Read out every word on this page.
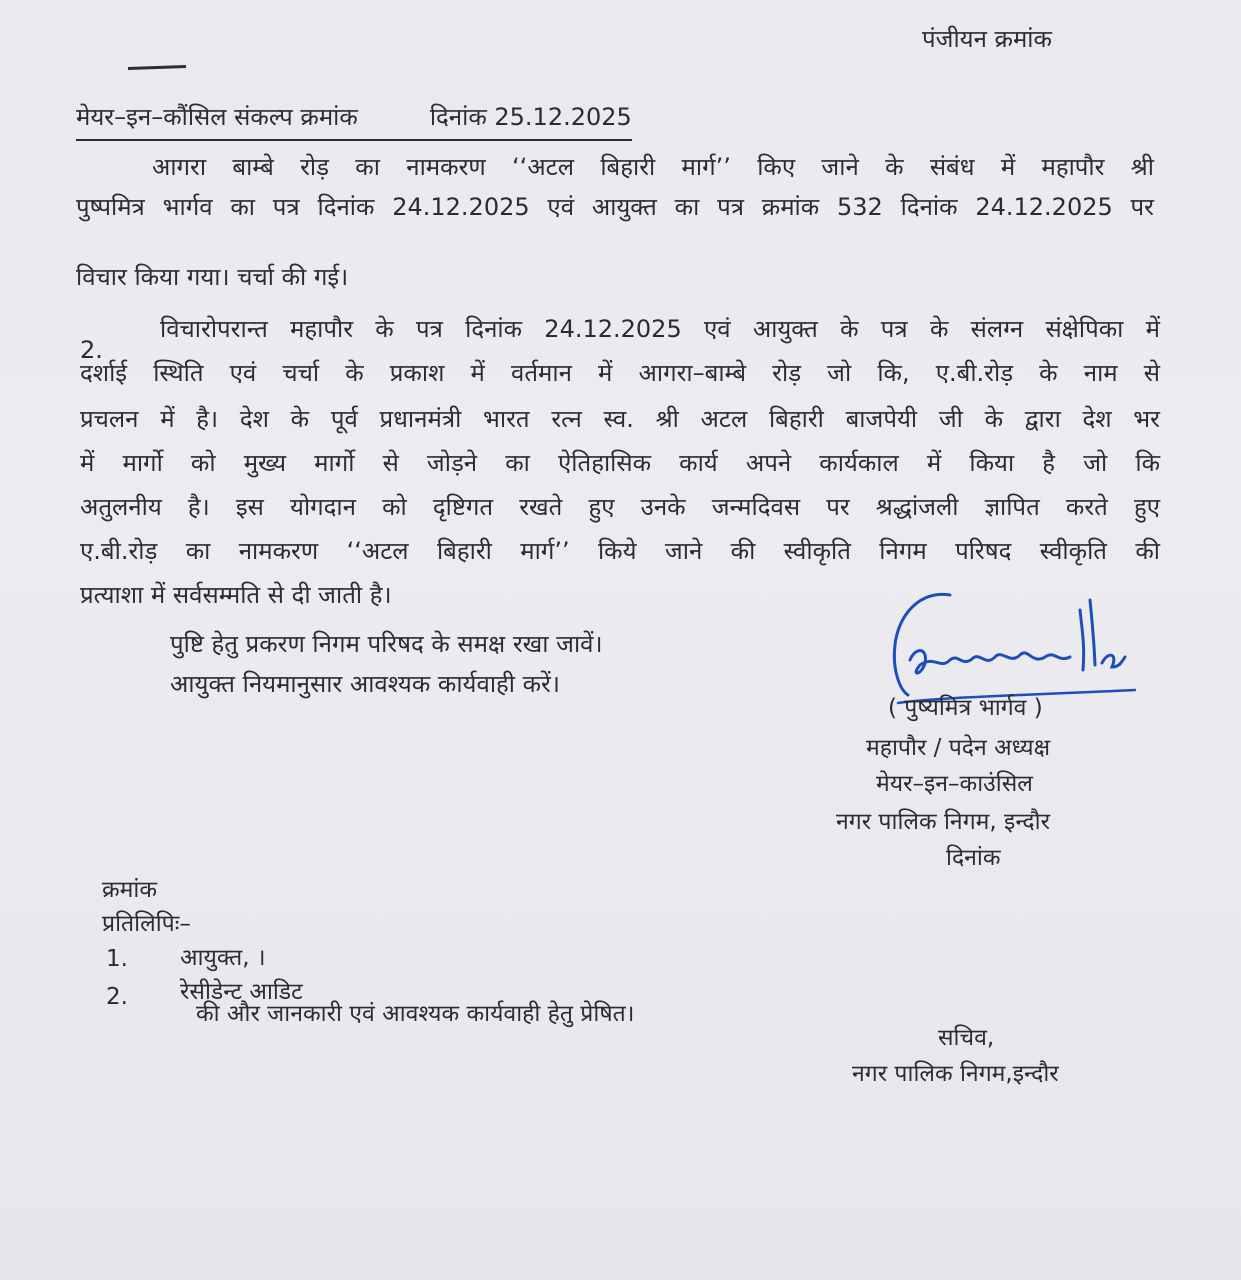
पंजीयन क्रमांक
मेयर–इन–कौंसिल संकल्प क्रमांक	दिनांक 25.12.2025
आगरा बाम्बे रोड़ का नामकरण ‘‘अटल बिहारी मार्ग’’ किए जाने के संबंध में महापौर श्री
पुष्पमित्र भार्गव का पत्र दिनांक 24.12.2025 एवं आयुक्त का पत्र क्रमांक 532 दिनांक 24.12.2025 पर
विचार किया गया। चर्चा की गई।
2.
विचारोपरान्त महापौर के पत्र दिनांक 24.12.2025 एवं आयुक्त के पत्र के संलग्न संक्षेपिका में
दर्शाई स्थिति एवं चर्चा के प्रकाश में वर्तमान में आगरा–बाम्बे रोड़ जो कि, ए.बी.रोड़ के नाम से
प्रचलन में है। देश के पूर्व प्रधानमंत्री भारत रत्न स्व. श्री अटल बिहारी बाजपेयी जी के द्वारा देश भर
में मार्गो को मुख्य मार्गो से जोड़ने का ऐतिहासिक कार्य अपने कार्यकाल में किया है जो कि
अतुलनीय है। इस योगदान को दृष्टिगत रखते हुए उनके जन्मदिवस पर श्रद्धांजली ज्ञापित करते हुए
ए.बी.रोड़ का नामकरण ‘‘अटल बिहारी मार्ग’’ किये जाने की स्वीकृति निगम परिषद स्वीकृति की
प्रत्याशा में सर्वसम्मति से दी जाती है।
पुष्टि हेतु प्रकरण निगम परिषद के समक्ष रखा जावें।
आयुक्त नियमानुसार आवश्यक कार्यवाही करें।
( पुष्यमित्र भार्गव )
महापौर / पदेन अध्यक्ष
मेयर–इन–काउंसिल
नगर पालिक निगम, इन्दौर
दिनांक
क्रमांक
प्रतिलिपिः–
1. आयुक्त, ।
2. रेसीडेन्ट आडिट
की और जानकारी एवं आवश्यक कार्यवाही हेतु प्रेषित।
सचिव,
नगर पालिक निगम,इन्दौर
